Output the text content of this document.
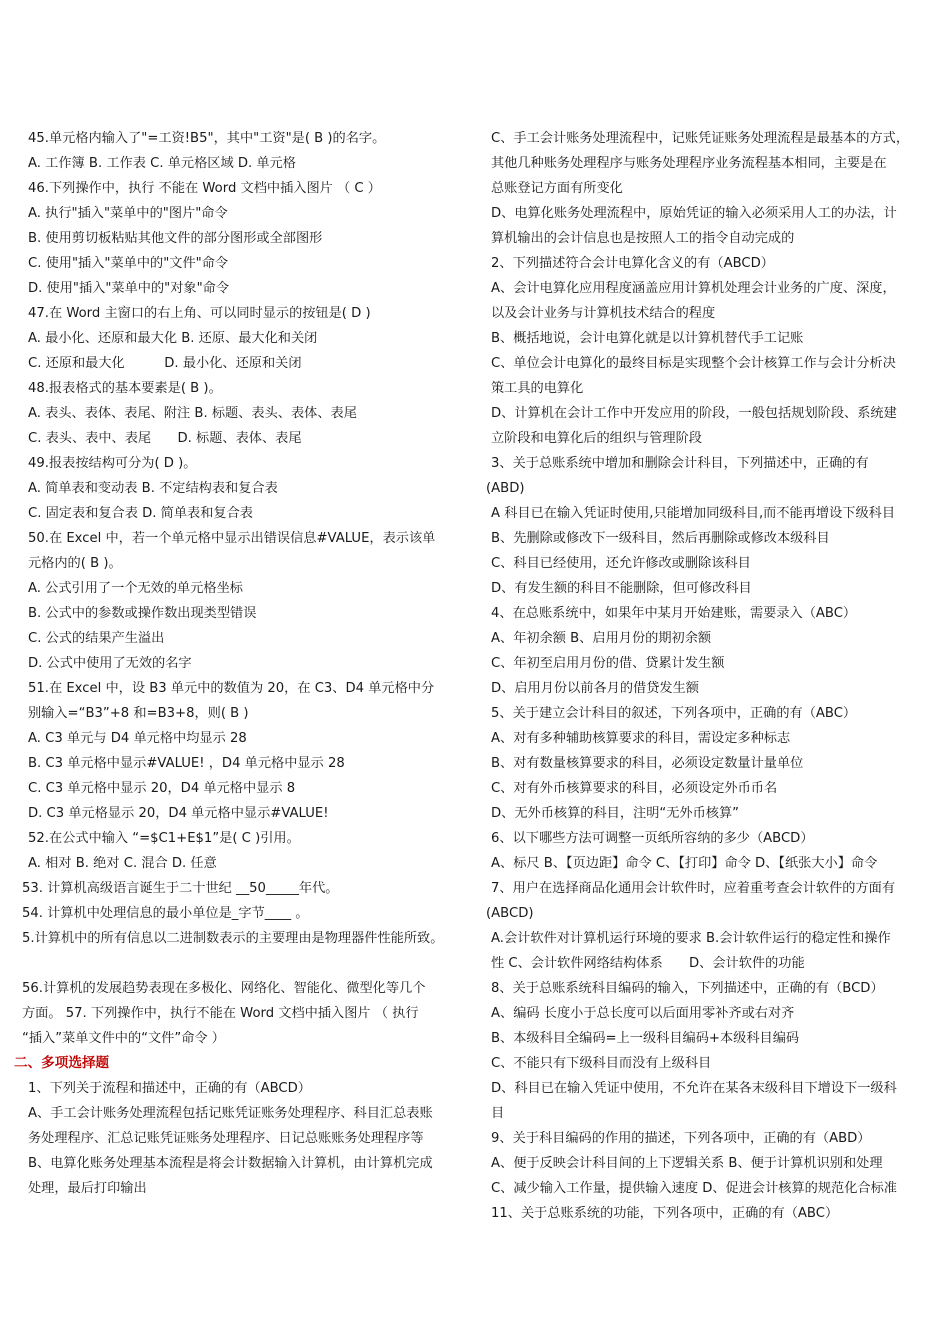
45.单元格内输入了"=工资!B5"，其中"工资"是( B )的名字。
A. 工作簿 B. 工作表 C. 单元格区域 D. 单元格
46.下列操作中，执行 不能在 Word 文档中插入图片 （ C ）
A. 执行"插入"菜单中的"图片"命令
B. 使用剪切板粘贴其他文件的部分图形或全部图形
C. 使用"插入"菜单中的"文件"命令
D. 使用"插入"菜单中的"对象"命令
47.在 Word 主窗口的右上角、可以同时显示的按钮是( D )
A. 最小化、还原和最大化 B. 还原、最大化和关闭
C. 还原和最大化　　　D. 最小化、还原和关闭
48.报表格式的基本要素是( B )。
A. 表头、表体、表尾、附注 B. 标题、表头、表体、表尾
C. 表头、表中、表尾　　D. 标题、表体、表尾
49.报表按结构可分为( D )。
A. 简单表和变动表 B. 不定结构表和复合表
C. 固定表和复合表 D. 简单表和复合表
50.在 Excel 中，若一个单元格中显示出错误信息#VALUE，表示该单
元格内的( B )。
A. 公式引用了一个无效的单元格坐标
B. 公式中的参数或操作数出现类型错误
C. 公式的结果产生溢出
D. 公式中使用了无效的名字
51.在 Excel 中，设 B3 单元中的数值为 20，在 C3、D4 单元格中分
别输入=“B3”+8 和=B3+8，则( B )
A. C3 单元与 D4 单元格中均显示 28
B. C3 单元格中显示#VALUE! ，D4 单元格中显示 28
C. C3 单元格中显示 20，D4 单元格中显示 8
D. C3 单元格显示 20，D4 单元格中显示#VALUE!
52.在公式中输入 “=$C1+E$1”是( C )引用。
A. 相对 B. 绝对 C. 混合 D. 任意
53. 计算机高级语言诞生于二十世纪 __50_____年代。
54. 计算机中处理信息的最小单位是_字节____ 。
5.计算机中的所有信息以二进制数表示的主要理由是物理器件性能所致。
56.计算机的发展趋势表现在多极化、网络化、智能化、微型化等几个
方面。 57. 下列操作中，执行不能在 Word 文档中插入图片 （ 执行
“插入”菜单文件中的“文件”命令 ）
二、多项选择题
1、下列关于流程和描述中，正确的有（ABCD）
A、手工会计账务处理流程包括记账凭证账务处理程序、科目汇总表账
务处理程序、汇总记账凭证账务处理程序、日记总账账务处理程序等
B、电算化账务处理基本流程是将会计数据输入计算机，由计算机完成
处理，最后打印输出
C、手工会计账务处理流程中，记账凭证账务处理流程是最基本的方式，
其他几种账务处理程序与账务处理程序业务流程基本相同，主要是在
总账登记方面有所变化
D、电算化账务处理流程中，原始凭证的输入必须采用人工的办法，计
算机输出的会计信息也是按照人工的指令自动完成的
2、下列描述符合会计电算化含义的有（ABCD）
A、会计电算化应用程度涵盖应用计算机处理会计业务的广度、深度，
以及会计业务与计算机技术结合的程度
B、概括地说，会计电算化就是以计算机替代手工记账
C、单位会计电算化的最终目标是实现整个会计核算工作与会计分析决
策工具的电算化
D、计算机在会计工作中开发应用的阶段，一般包括规划阶段、系统建
立阶段和电算化后的组织与管理阶段
3、关于总账系统中增加和删除会计科目，下列描述中，正确的有
(ABD)
A 科目已在输入凭证时使用,只能增加同级科目,而不能再增设下级科目
B、先删除或修改下一级科目，然后再删除或修改本级科目
C、科目已经使用，还允许修改或删除该科目
D、有发生额的科目不能删除，但可修改科目
4、在总账系统中，如果年中某月开始建账，需要录入（ABC）
A、年初余额 B、启用月份的期初余额
C、年初至启用月份的借、贷累计发生额
D、启用月份以前各月的借贷发生额
5、关于建立会计科目的叙述，下列各项中，正确的有（ABC）
A、对有多种辅助核算要求的科目，需设定多种标志
B、对有数量核算要求的科目，必须设定数量计量单位
C、对有外币核算要求的科目，必须设定外币币名
D、无外币核算的科目，注明“无外币核算”
6、以下哪些方法可调整一页纸所容纳的多少（ABCD）
A、标尺 B、【页边距】命令 C、【打印】命令 D、【纸张大小】命令
7、用户在选择商品化通用会计软件时，应着重考查会计软件的方面有
(ABCD)
A.会计软件对计算机运行环境的要求 B.会计软件运行的稳定性和操作
性 C、会计软件网络结构体系　　D、会计软件的功能
8、关于总账系统科目编码的输入，下列描述中，正确的有（BCD）
A、编码 长度小于总长度可以后面用零补齐或右对齐
B、本级科目全编码=上一级科目编码+本级科目编码
C、不能只有下级科目而没有上级科目
D、科目已在输入凭证中使用，不允许在某各末级科目下增设下一级科
目
9、关于科目编码的作用的描述，下列各项中，正确的有（ABD）
A、便于反映会计科目间的上下逻辑关系 B、便于计算机识别和处理
C、减少输入工作量，提供输入速度 D、促进会计核算的规范化合标准
11、关于总账系统的功能，下列各项中，正确的有（ABC）
